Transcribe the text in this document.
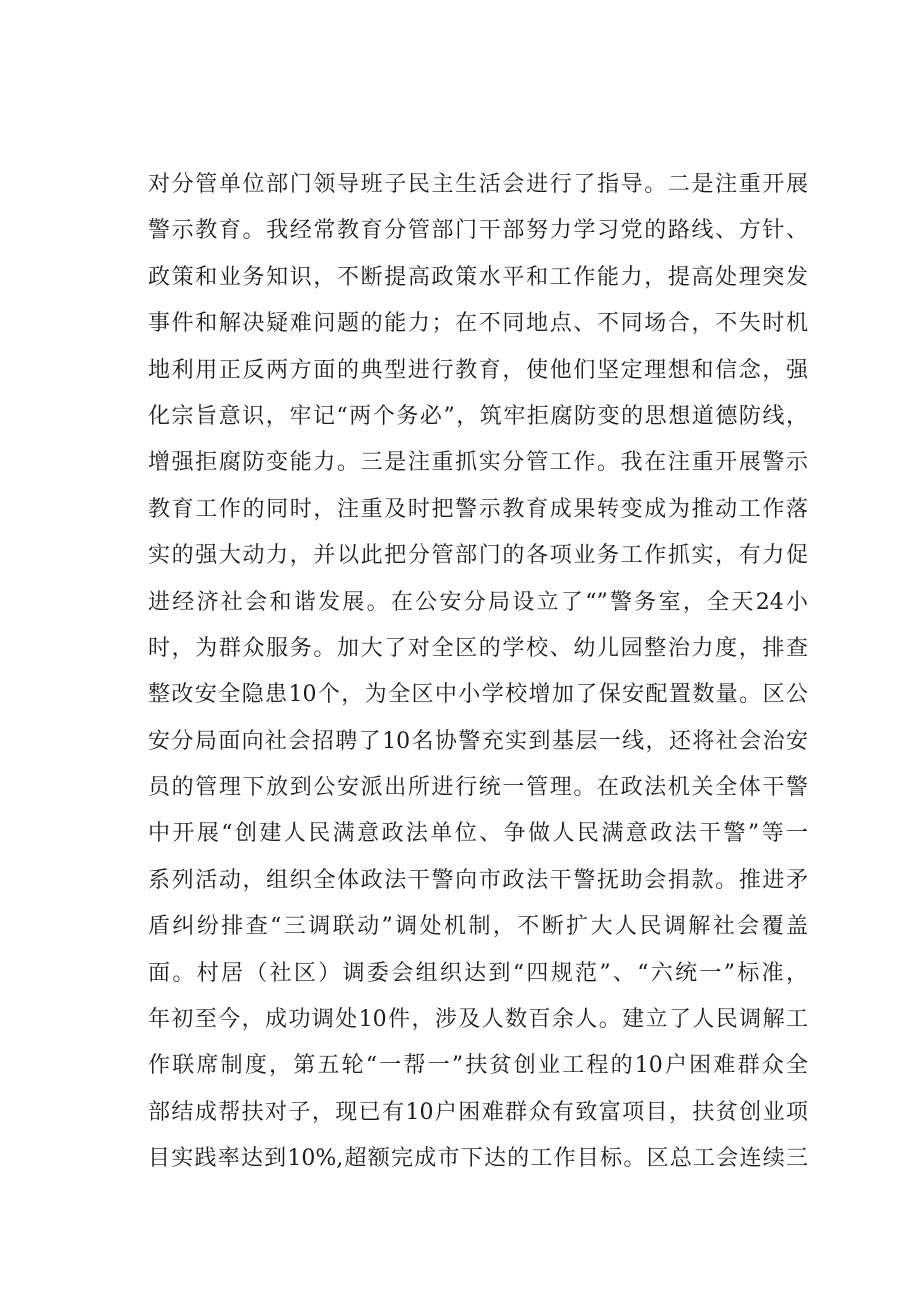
对分管单位部门领导班子民主生活会进行了指导。二是注重开展
警示教育。我经常教育分管部门干部努力学习党的路线、方针、
政策和业务知识，不断提高政策水平和工作能力，提高处理突发
事件和解决疑难问题的能力；在不同地点、不同场合，不失时机
地利用正反两方面的典型进行教育，使他们坚定理想和信念，强
化宗旨意识，牢记“两个务必”，筑牢拒腐防变的思想道德防线，
增强拒腐防变能力。三是注重抓实分管工作。我在注重开展警示
教育工作的同时，注重及时把警示教育成果转变成为推动工作落
实的强大动力，并以此把分管部门的各项业务工作抓实，有力促
进经济社会和谐发展。在公安分局设立了“”警务室，全天24小
时，为群众服务。加大了对全区的学校、幼儿园整治力度，排查
整改安全隐患10个，为全区中小学校增加了保安配置数量。区公
安分局面向社会招聘了10名协警充实到基层一线，还将社会治安
员的管理下放到公安派出所进行统一管理。在政法机关全体干警
中开展“创建人民满意政法单位、争做人民满意政法干警”等一
系列活动，组织全体政法干警向市政法干警抚助会捐款。推进矛
盾纠纷排查“三调联动”调处机制，不断扩大人民调解社会覆盖
面。村居（社区）调委会组织达到“四规范”、“六统一”标准，
年初至今，成功调处10件，涉及人数百余人。建立了人民调解工
作联席制度，第五轮“一帮一”扶贫创业工程的10户困难群众全
部结成帮扶对子，现已有10户困难群众有致富项目，扶贫创业项
目实践率达到10%,超额完成市下达的工作目标。区总工会连续三
